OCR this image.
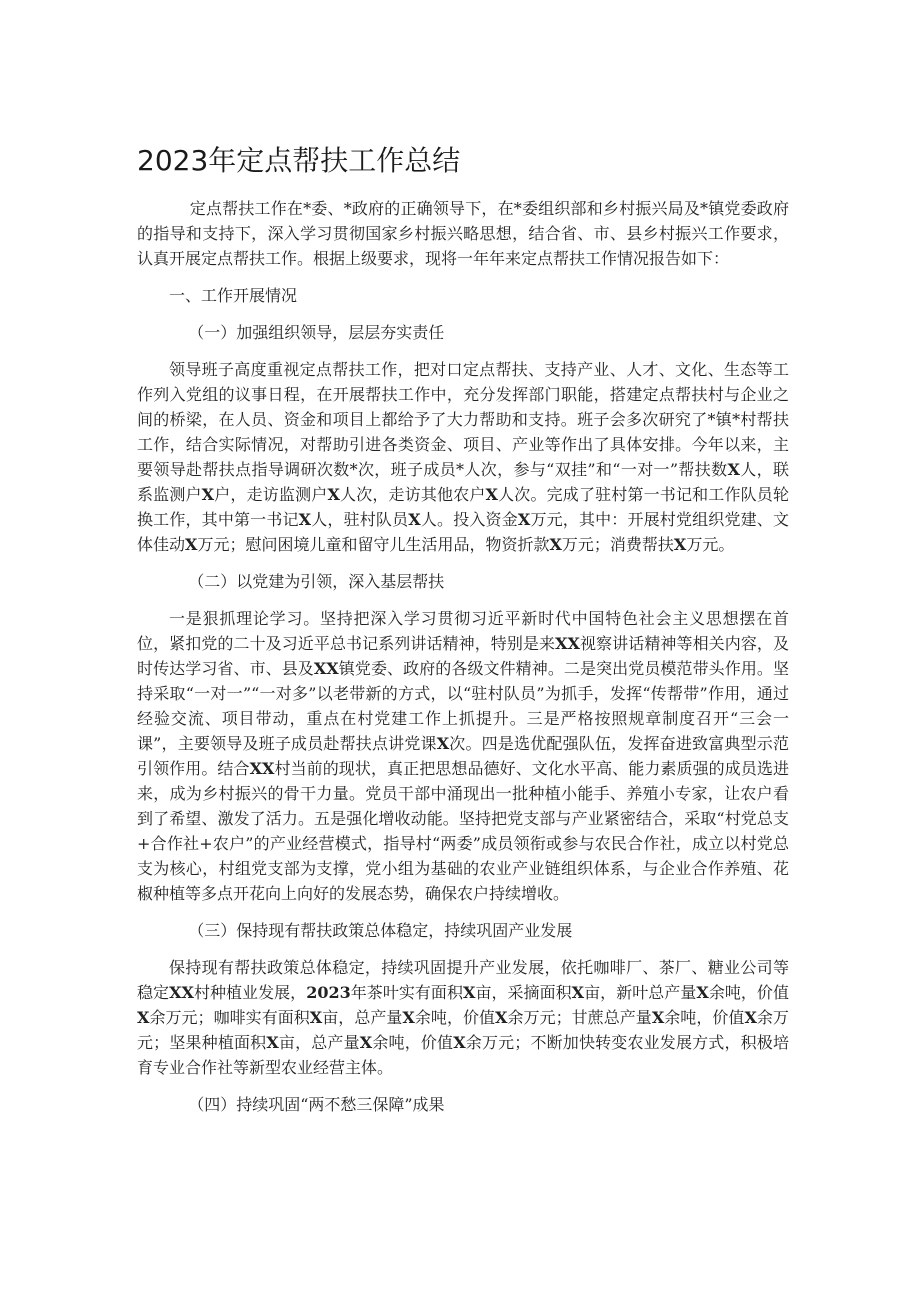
2023年定点帮扶工作总结

定点帮扶工作在*委、*政府的正确领导下，在*委组织部和乡村振兴局及*镇党委政府的指导和支持下，深入学习贯彻国家乡村振兴略思想，结合省、市、县乡村振兴工作要求，认真开展定点帮扶工作。根据上级要求，现将一年年来定点帮扶工作情况报告如下：

一、工作开展情况

（一）加强组织领导，层层夯实责任

领导班子高度重视定点帮扶工作，把对口定点帮扶、支持产业、人才、文化、生态等工作列入党组的议事日程，在开展帮扶工作中，充分发挥部门职能，搭建定点帮扶村与企业之间的桥梁，在人员、资金和项目上都给予了大力帮助和支持。班子会多次研究了*镇*村帮扶工作，结合实际情况，对帮助引进各类资金、项目、产业等作出了具体安排。今年以来，主要领导赴帮扶点指导调研次数*次，班子成员*人次，参与“双挂”和“一对一”帮扶数X人，联系监测户X户，走访监测户X人次，走访其他农户X人次。完成了驻村第一书记和工作队员轮换工作，其中第一书记X人，驻村队员X人。投入资金X万元，其中：开展村党组织党建、文体佳动X万元；慰问困境儿童和留守儿生活用品，物资折款X万元；消费帮扶X万元。

（二）以党建为引领，深入基层帮扶

一是狠抓理论学习。坚持把深入学习贯彻习近平新时代中国特色社会主义思想摆在首位，紧扣党的二十及习近平总书记系列讲话精神，特别是来XX视察讲话精神等相关内容，及时传达学习省、市、县及XX镇党委、政府的各级文件精神。二是突出党员模范带头作用。坚持采取“一对一”“一对多”以老带新的方式，以“驻村队员”为抓手，发挥“传帮带”作用，通过经验交流、项目带动，重点在村党建工作上抓提升。三是严格按照规章制度召开“三会一课”，主要领导及班子成员赴帮扶点讲党课X次。四是选优配强队伍，发挥奋进致富典型示范引领作用。结合XX村当前的现状，真正把思想品德好、文化水平高、能力素质强的成员选进来，成为乡村振兴的骨干力量。党员干部中涌现出一批种植小能手、养殖小专家，让农户看到了希望、激发了活力。五是强化增收动能。坚持把党支部与产业紧密结合，采取“村党总支+合作社+农户”的产业经营模式，指导村“两委”成员领衔或参与农民合作社，成立以村党总支为核心，村组党支部为支撑，党小组为基础的农业产业链组织体系，与企业合作养殖、花椒种植等多点开花向上向好的发展态势，确保农户持续增收。

（三）保持现有帮扶政策总体稳定，持续巩固产业发展

保持现有帮扶政策总体稳定，持续巩固提升产业发展，依托咖啡厂、茶厂、糖业公司等稳定XX村种植业发展，2023年茶叶实有面积X亩，采摘面积X亩，新叶总产量X余吨，价值X余万元；咖啡实有面积X亩，总产量X余吨，价值X余万元；甘蔗总产量X余吨，价值X余万元；坚果种植面积X亩，总产量X余吨，价值X余万元；不断加快转变农业发展方式，积极培育专业合作社等新型农业经营主体。

（四）持续巩固“两不愁三保障”成果
